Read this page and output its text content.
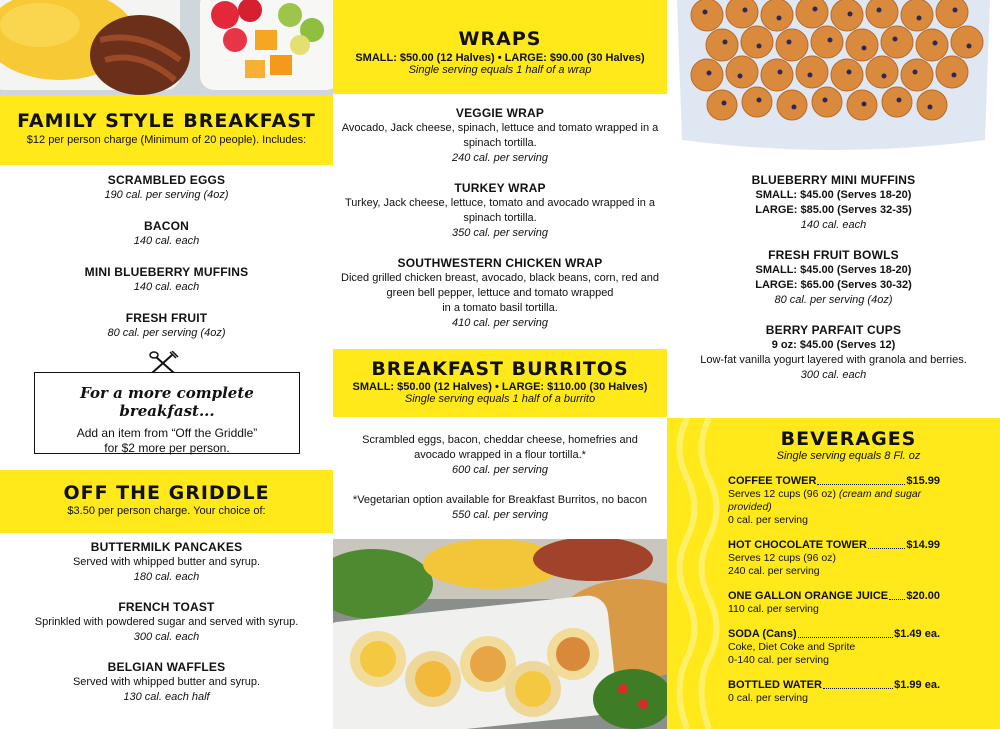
FAMILY STYLE BREAKFAST
$12 per person charge (Minimum of 20 people). Includes:
SCRAMBLED EGGS
190 cal. per serving (4oz)
BACON
140 cal. each
MINI BLUEBERRY MUFFINS
140 cal. each
FRESH FRUIT
80 cal. per serving (4oz)
For a more complete breakfast...
Add an item from “Off the Griddle”
for $2 more per person.
OFF THE GRIDDLE
$3.50 per person charge. Your choice of:
BUTTERMILK PANCAKES
Served with whipped butter and syrup.
180 cal. each
FRENCH TOAST
Sprinkled with powdered sugar and served with syrup.
300 cal. each
BELGIAN WAFFLES
Served with whipped butter and syrup.
130 cal. each half
WRAPS
SMALL: $50.00 (12 Halves) • LARGE: $90.00 (30 Halves)
Single serving equals 1 half of a wrap
VEGGIE WRAP
Avocado, Jack cheese, spinach, lettuce and tomato wrapped in a
spinach tortilla.
240 cal. per serving
TURKEY WRAP
Turkey, Jack cheese, lettuce, tomato and avocado wrapped in a
spinach tortilla.
350 cal. per serving
SOUTHWESTERN CHICKEN WRAP
Diced grilled chicken breast, avocado, black beans, corn, red and
green bell pepper, lettuce and tomato wrapped
in a tomato basil tortilla.
410 cal. per serving
BREAKFAST BURRITOS
SMALL: $50.00 (12 Halves) • LARGE: $110.00 (30 Halves)
Single serving equals 1 half of a burrito
Scrambled eggs, bacon, cheddar cheese, homefries and
avocado wrapped in a flour tortilla.*
600 cal. per serving
*Vegetarian option available for Breakfast Burritos, no bacon
550 cal. per serving
BLUEBERRY MINI MUFFINS
SMALL: $45.00 (Serves 18-20)
LARGE: $85.00 (Serves 32-35)
140 cal. each
FRESH FRUIT BOWLS
SMALL: $45.00 (Serves 18-20)
LARGE: $65.00 (Serves 30-32)
80 cal. per serving (4oz)
BERRY PARFAIT CUPS
9 oz: $45.00 (Serves 12)
Low-fat vanilla yogurt layered with granola and berries.
300 cal. each
BEVERAGES
Single serving equals 8 Fl. oz
COFFEE TOWER	$15.99
Serves 12 cups (96 oz) (cream and sugar provided)
0 cal. per serving
HOT CHOCOLATE TOWER	$14.99
Serves 12 cups (96 oz)
240 cal. per serving
ONE GALLON ORANGE JUICE $20.00
110 cal. per serving
SODA (Cans)	$1.49 ea.
Coke, Diet Coke and Sprite
0-140 cal. per serving
BOTTLED WATER	$1.99 ea.
0 cal. per serving
